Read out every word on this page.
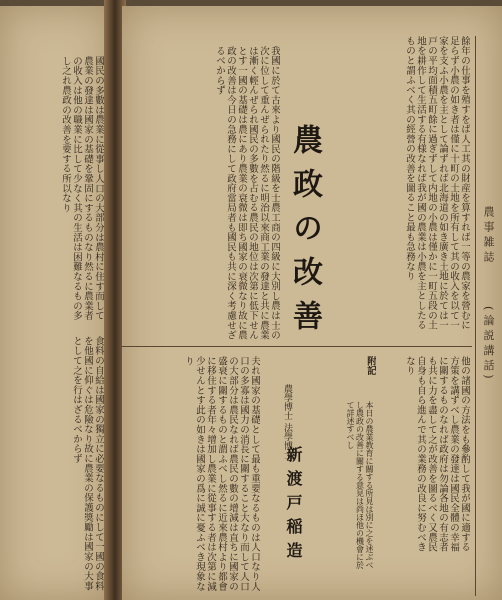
國民の多數は農業に從事し人口の大部分は農村に住す而して農業の發達は國家の基礎を鞏固にするものなり然るに農業者の收入は他の職業に比して少なく其の生活は困難なるもの多し之れ農政の改善を要する所以なり
食料の自給は國家の獨立に必要なるものにして一國の食料を他國に仰ぐは危險なり故に農業の保護獎勵は國家の大事として之を行はざるべからず
農事雑誌
(論説講話)
餘年の仕事を殖すをば人工其の財産を算すれば一等の農家を營むに足らず小農の如き者は僅に十町の土地を所有して其の收入を以て一家を支ふ小農を主として論ずれば北海道の如き廣き土地に於ては一戸の平均面積五町餘に過ぎずして内地の小農は僅かに一町五段の土地を耕作して生活する有様なれば我が國の農業は小農を主としたるものと謂ふべく其の經營の改善を圖ること最も急務なり
我國に於て古來より國民の階級を士農工商の四級に大別し農は士の次に位して重んぜられたり然るに明治以來商工業の發達と共に農業は漸く輕んぜられ國民の多數を占むる農民の地位は次第に低下せんとす一國の基礎は農にあり農業の衰微は即ち國家の衰微なり故に農政の改善は今日の急務にして政府當局者も國民も共に深く考慮せざるべからず
農政の改善
他の諸國の方法をも參酌して我が國に適する方策を講ずべし農業の發達は國民全體の幸福に關するものなれば政府は勿論各地の有志者も共に力を盡して之が改善を圖るべく又農民自身も自ら進んで其の業務の改良に努むべきなり
附記
本日の農業教育に關する所見は別に之を述ぶべし農政の改善に關する意見は尚ほ他の機會に於て詳述すべし
農學博士 法學博士
新渡戸稲造
夫れ國家の基礎として最も重要なるものは人口なり人口の多寡は國力の消長に關すること大なり而して人口の大部分は農民なれば農民の數の增減は直ちに國家の盛衰に關するものと謂ふべし然るに近來農村より都會に移住する者年々增加し農業に從事する者は次第に減少せんとす此の如きは國家の爲に誠に憂ふべき現象なり
